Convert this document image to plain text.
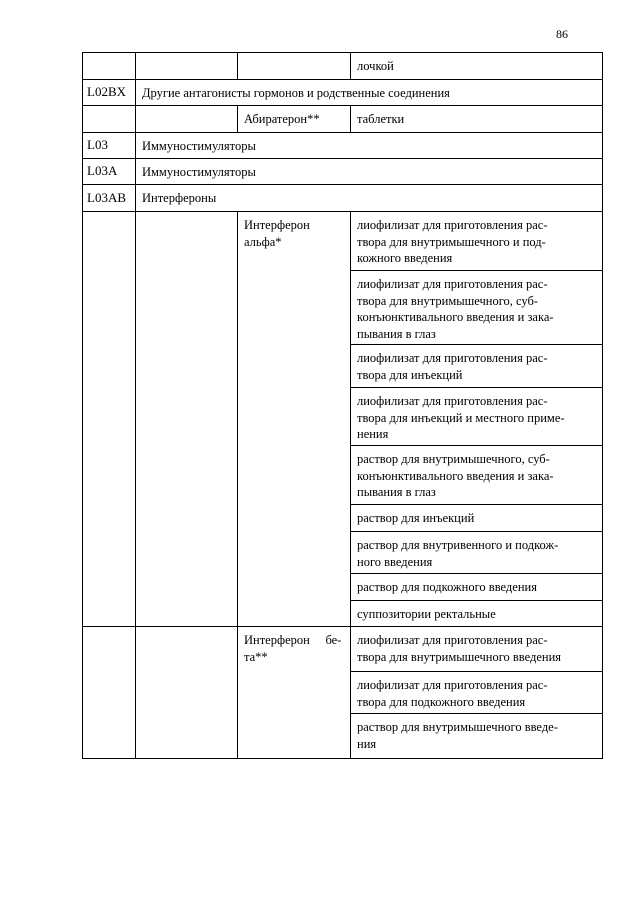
86
лочкой
L02BX Другие антагонисты гормонов и родственные соединения
Абиратерон**	таблетки
L03	Иммуностимуляторы
L03A Иммуностимуляторы
L03AB Интерфероны
Интерферон
альфа*
лиофилизат для приготовления рас-
твора для внутримышечного и под-
кожного введения
лиофилизат для приготовления рас-
твора для внутримышечного, суб-
конъюнктивального введения и зака-
пывания в глаз
лиофилизат для приготовления рас-
твора для инъекций
лиофилизат для приготовления рас-
твора для инъекций и местного приме-
нения
раствор для внутримышечного, суб-
конъюнктивального введения и зака-
пывания в глаз
раствор для инъекций
раствор для внутривенного и подкож-
ного введения
раствор для подкожного введения
суппозитории ректальные
Интерферон     бе-
та**
лиофилизат для приготовления рас-
твора для внутримышечного введения
лиофилизат для приготовления рас-
твора для подкожного введения
раствор для внутримышечного введе-
ния
